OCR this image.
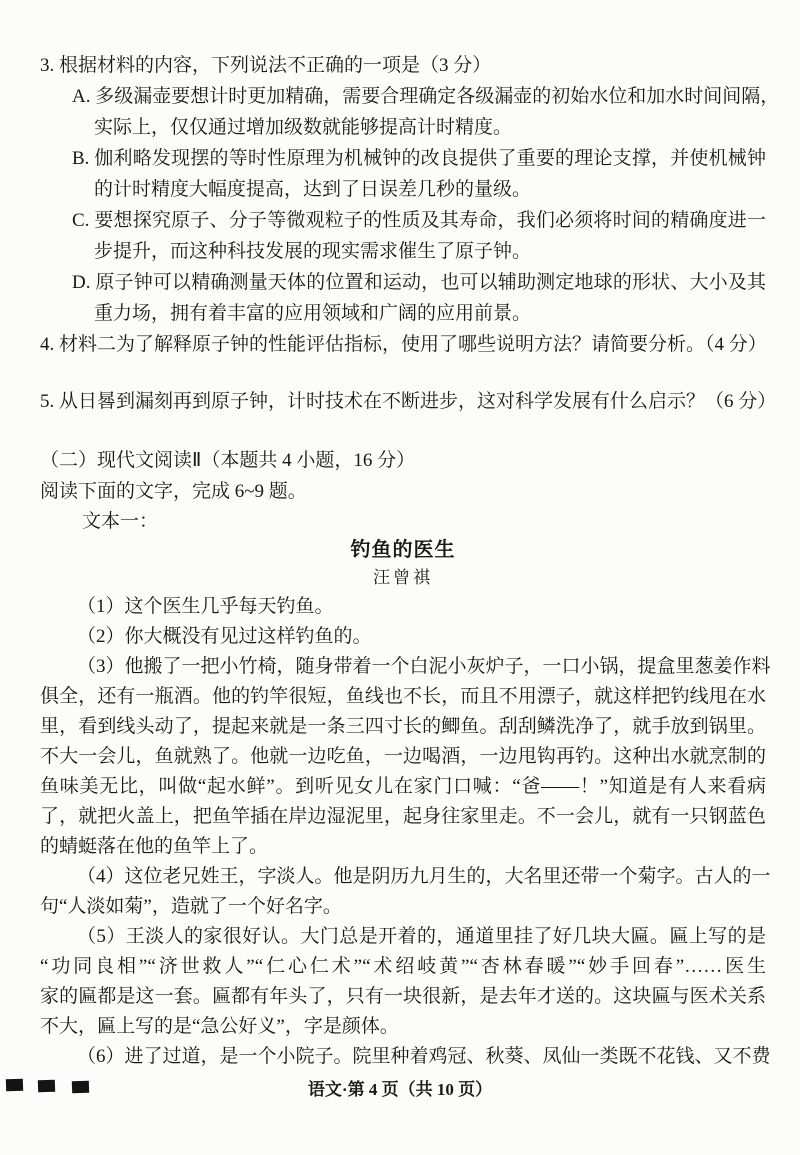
3. 根据材料的内容，下列说法不正确的一项是（3 分）
A. 多级漏壶要想计时更加精确，需要合理确定各级漏壶的初始水位和加水时间间隔，
实际上，仅仅通过增加级数就能够提高计时精度。
B. 伽利略发现摆的等时性原理为机械钟的改良提供了重要的理论支撑，并使机械钟
的计时精度大幅度提高，达到了日误差几秒的量级。
C. 要想探究原子、分子等微观粒子的性质及其寿命，我们必须将时间的精确度进一
步提升，而这种科技发展的现实需求催生了原子钟。
D. 原子钟可以精确测量天体的位置和运动，也可以辅助测定地球的形状、大小及其
重力场，拥有着丰富的应用领域和广阔的应用前景。
4. 材料二为了解释原子钟的性能评估指标，使用了哪些说明方法？请简要分析。（4 分）
5. 从日晷到漏刻再到原子钟，计时技术在不断进步，这对科学发展有什么启示？（6 分）
（二）现代文阅读Ⅱ（本题共 4 小题，16 分）
阅读下面的文字，完成 6~9 题。
文本一：
钓鱼的医生
汪曾祺
（1）这个医生几乎每天钓鱼。
（2）你大概没有见过这样钓鱼的。
（3）他搬了一把小竹椅，随身带着一个白泥小灰炉子，一口小锅，提盒里葱姜作料
俱全，还有一瓶酒。他的钓竿很短，鱼线也不长，而且不用漂子，就这样把钓线甩在水
里，看到线头动了，提起来就是一条三四寸长的鲫鱼。刮刮鳞洗净了，就手放到锅里。
不大一会儿，鱼就熟了。他就一边吃鱼，一边喝酒，一边甩钩再钓。这种出水就烹制的
鱼味美无比，叫做“起水鲜”。到听见女儿在家门口喊：“爸——！”知道是有人来看病
了，就把火盖上，把鱼竿插在岸边湿泥里，起身往家里走。不一会儿，就有一只钢蓝色
的蜻蜓落在他的鱼竿上了。
（4）这位老兄姓王，字淡人。他是阴历九月生的，大名里还带一个菊字。古人的一
句“人淡如菊”，造就了一个好名字。
（5）王淡人的家很好认。大门总是开着的，通道里挂了好几块大匾。匾上写的是
“功同良相”“济世救人”“仁心仁术”“术绍岐黄”“杏林春暖”“妙手回春”……医生
家的匾都是这一套。匾都有年头了，只有一块很新，是去年才送的。这块匾与医术关系
不大，匾上写的是“急公好义”，字是颜体。
（6）进了过道，是一个小院子。院里种着鸡冠、秋葵、凤仙一类既不花钱、又不费
语文·第 4 页（共 10 页）
